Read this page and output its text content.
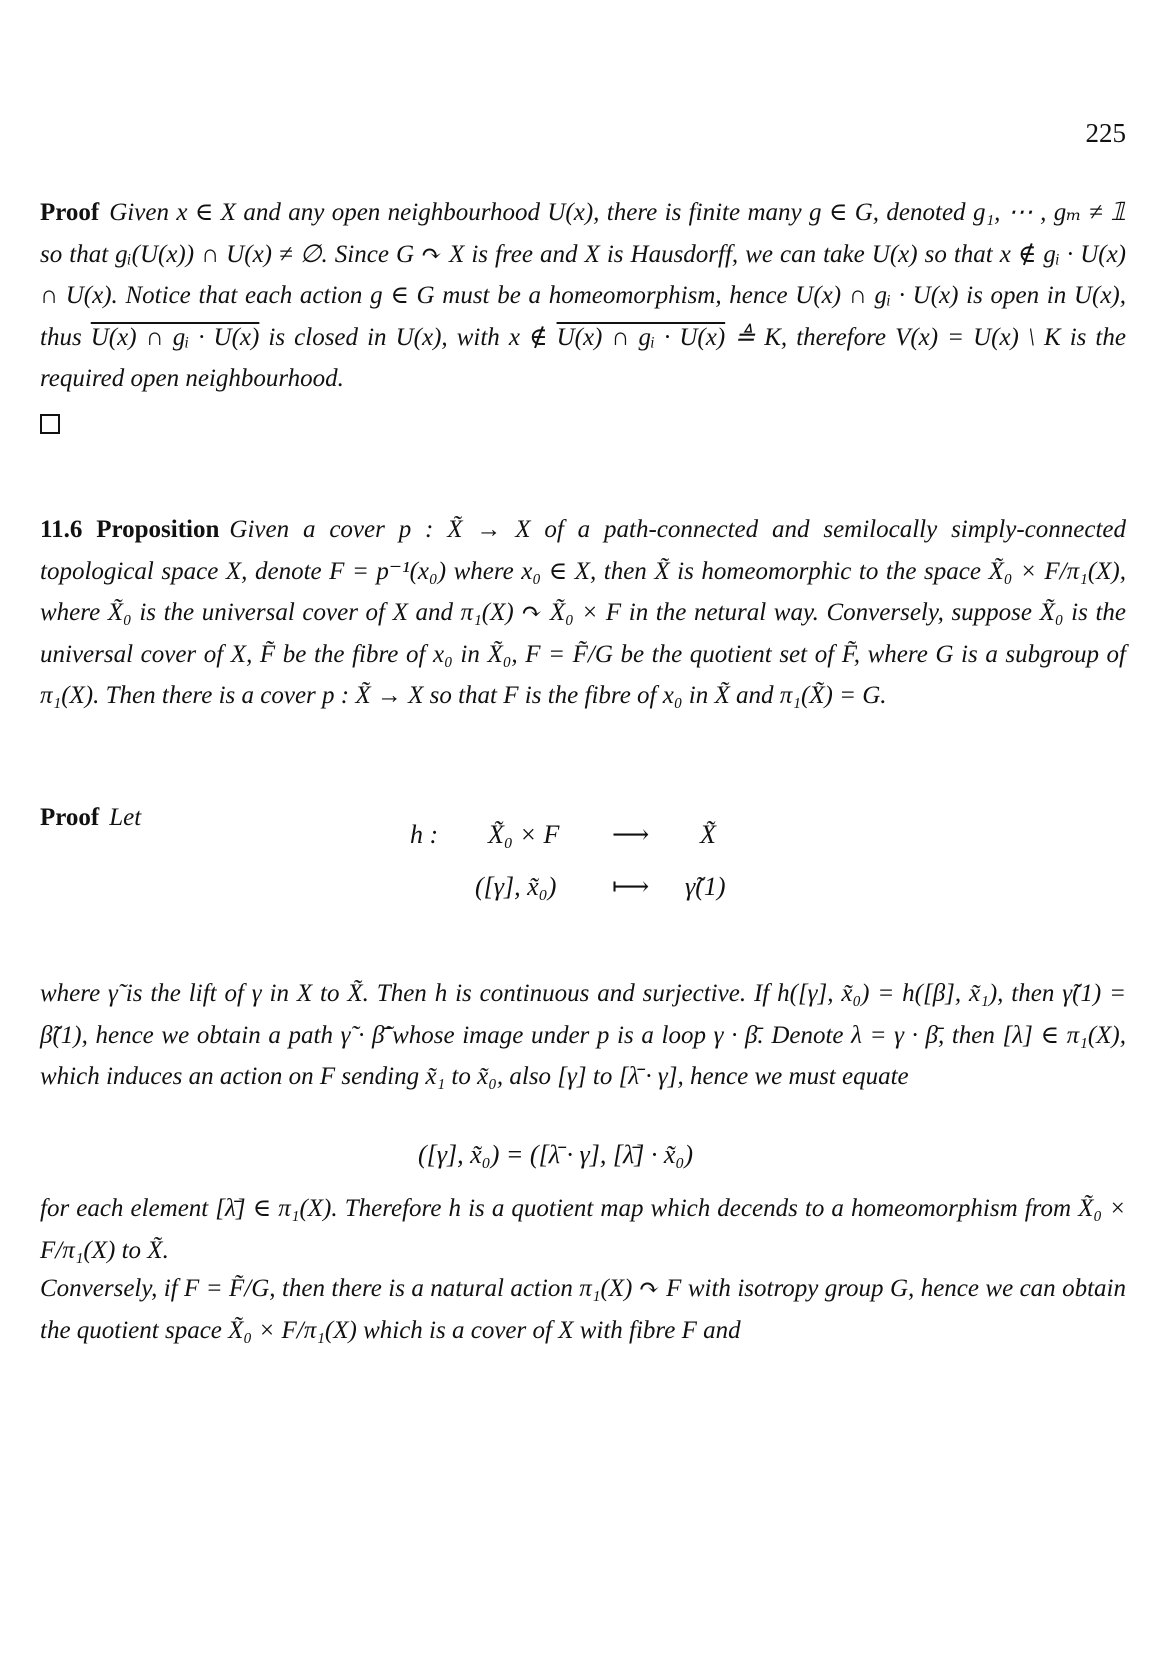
225
Proof Given x ∈ X and any open neighbourhood U(x), there is finite many g ∈ G, denoted g₁, ⋯ , gₘ ≠ 𝟙 so that gᵢ(U(x)) ∩ U(x) ≠ ∅. Since G ↷ X is free and X is Hausdorff, we can take U(x) so that x ∉ gᵢ · U(x) ∩ U(x). Notice that each action g ∈ G must be a homeomorphism, hence U(x) ∩ gᵢ · U(x) is open in U(x), thus U(x) ∩ gᵢ · U(x) is closed in U(x), with x ∉ U(x) ∩ gᵢ · U(x) ≜ K, therefore V(x) = U(x) \ K is the required open neighbourhood.

11.6 Proposition Given a cover p : X̃ → X of a path-connected and semilocally simply-connected topological space X, denote F = p⁻¹(x₀) where x₀ ∈ X, then X̃ is homeomorphic to the space X̃₀ × F/π₁(X), where X̃₀ is the universal cover of X and π₁(X) ↷ X̃₀ × F in the netural way. Conversely, suppose X̃₀ is the universal cover of X, F̃ be the fibre of x₀ in X̃₀, F = F̃/G be the quotient set of F̃, where G is a subgroup of π₁(X). Then there is a cover p : X̃ → X so that F is the fibre of x₀ in X̃ and π₁(X̃) = G.
Proof Let
h : X̃₀ × F ⟶ X̃
([γ], x̃₀) ⟼ γ̃(1)
where γ̃ is the lift of γ in X to X̃. Then h is continuous and surjective. If h([γ], x̃₀) = h([β], x̃₁), then γ̃(1) = β̃(1), hence we obtain a path γ̃ · β̃̄ whose image under p is a loop γ · β̄. Denote λ = γ · β̄, then [λ] ∈ π₁(X), which induces an action on F sending x̃₁ to x̃₀, also [γ] to [λ̄ · γ], hence we must equate
([γ], x̃₀) = ([λ̄ · γ], [λ̄] · x̃₀)
for each element [λ̄] ∈ π₁(X). Therefore h is a quotient map which decends to a homeomorphism from X̃₀ × F/π₁(X) to X̃.
Conversely, if F = F̃/G, then there is a natural action π₁(X) ↷ F with isotropy group G, hence we can obtain the quotient space X̃₀ × F/π₁(X) which is a cover of X with fibre F and
